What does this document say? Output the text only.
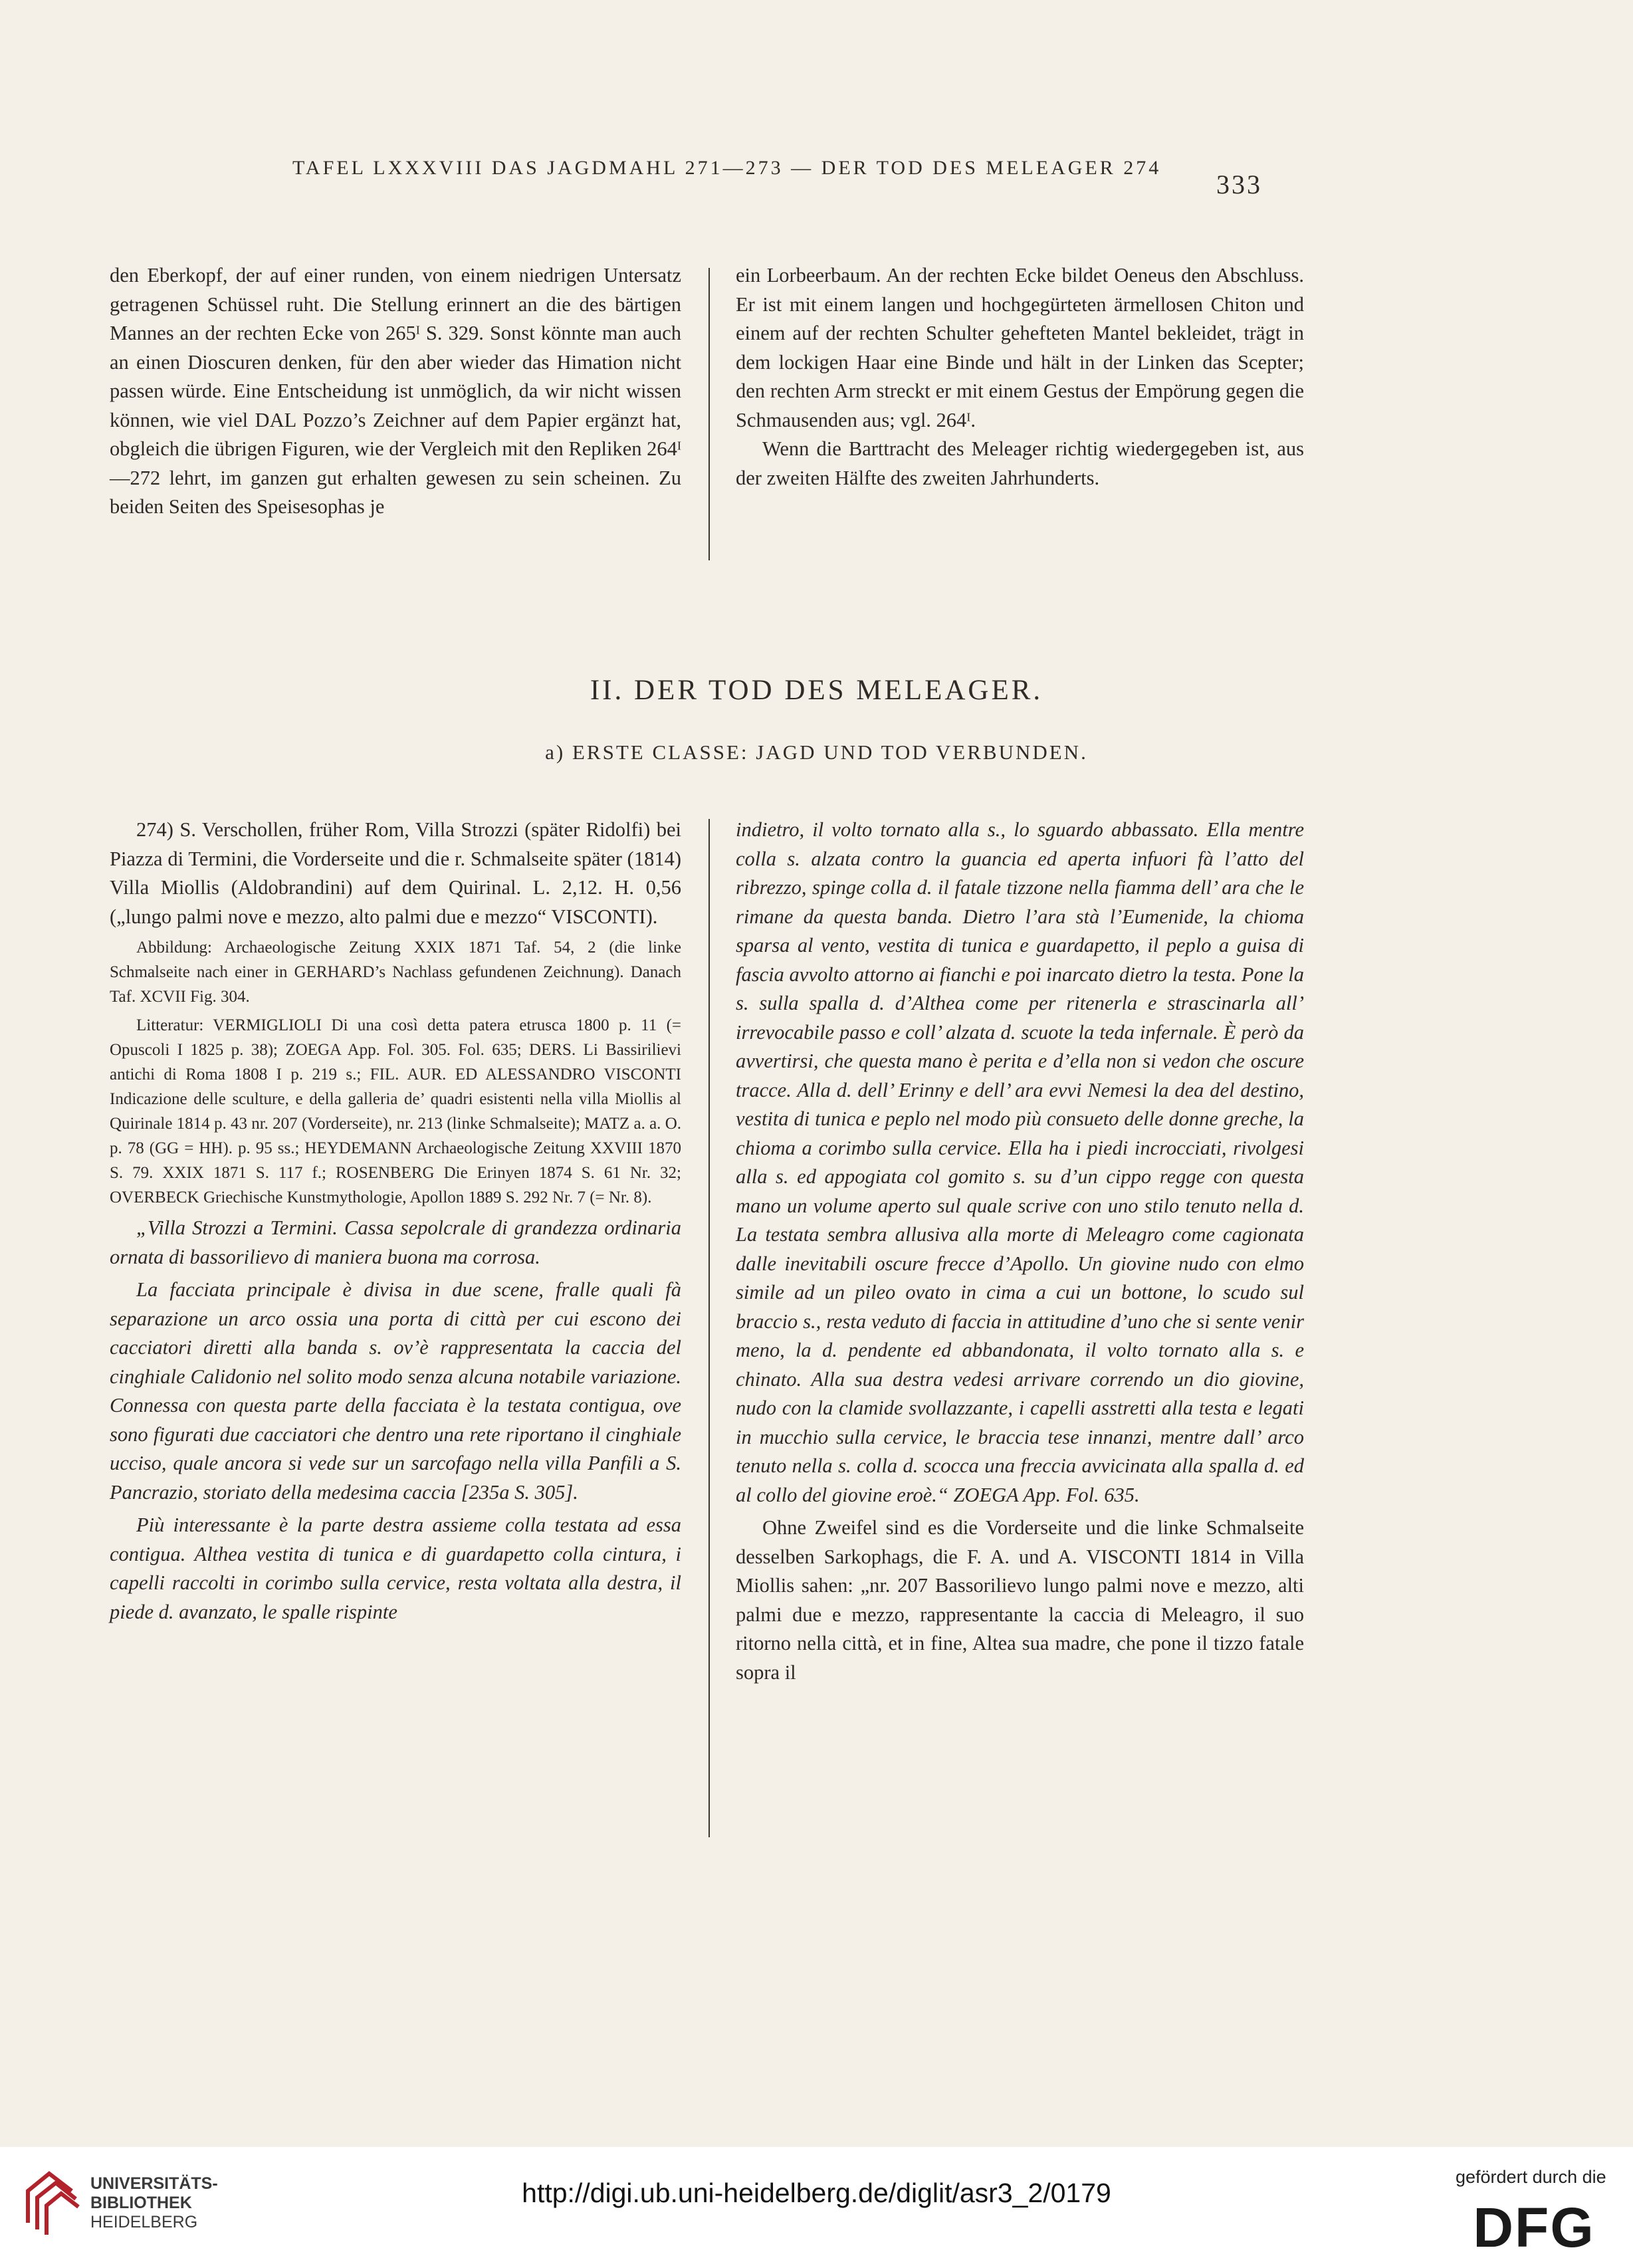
TAFEL LXXXVIII DAS JAGDMAHL 271—273 — DER TOD DES MELEAGER 274
333

den Eberkopf, der auf einer runden, von einem niedrigen Untersatz getragenen Schüssel ruht. Die Stellung erinnert an die des bärtigen Mannes an der rechten Ecke von 265ᴵ S. 329. Sonst könnte man auch an einen Dioscuren denken, für den aber wieder das Himation nicht passen würde. Eine Entscheidung ist unmöglich, da wir nicht wissen können, wie viel DAL Pozzo’s Zeichner auf dem Papier ergänzt hat, obgleich die übrigen Figuren, wie der Vergleich mit den Repliken 264ᴵ—272 lehrt, im ganzen gut erhalten gewesen zu sein scheinen. Zu beiden Seiten des Speisesophas je

ein Lorbeerbaum. An der rechten Ecke bildet Oeneus den Abschluss. Er ist mit einem langen und hochgegürteten ärmellosen Chiton und einem auf der rechten Schulter gehefteten Mantel bekleidet, trägt in dem lockigen Haar eine Binde und hält in der Linken das Scepter; den rechten Arm streckt er mit einem Gestus der Empörung gegen die Schmausenden aus; vgl. 264ᴵ.

Wenn die Barttracht des Meleager richtig wiedergegeben ist, aus der zweiten Hälfte des zweiten Jahrhunderts.

II. DER TOD DES MELEAGER.
a) ERSTE CLASSE: JAGD UND TOD VERBUNDEN.

274) S. Verschollen, früher Rom, Villa Strozzi (später Ridolfi) bei Piazza di Termini, die Vorderseite und die r. Schmalseite später (1814) Villa Miollis (Aldobrandini) auf dem Quirinal. L. 2,12. H. 0,56 („lungo palmi nove e mezzo, alto palmi due e mezzo“ VISCONTI).

Abbildung: Archaeologische Zeitung XXIX 1871 Taf. 54, 2 (die linke Schmalseite nach einer in GERHARD’s Nachlass gefundenen Zeichnung). Danach Taf. XCVII Fig. 304.

Litteratur: VERMIGLIOLI Di una così detta patera etrusca 1800 p. 11 (= Opuscoli I 1825 p. 38); ZOEGA App. Fol. 305. Fol. 635; DERS. Li Bassirilievi antichi di Roma 1808 I p. 219 s.; FIL. AUR. ED ALESSANDRO VISCONTI Indicazione delle sculture, e della galleria de’ quadri esistenti nella villa Miollis al Quirinale 1814 p. 43 nr. 207 (Vorderseite), nr. 213 (linke Schmalseite); MATZ a. a. O. p. 78 (GG = HH). p. 95 ss.; HEYDEMANN Archaeologische Zeitung XXVIII 1870 S. 79. XXIX 1871 S. 117 f.; ROSENBERG Die Erinyen 1874 S. 61 Nr. 32; OVERBECK Griechische Kunstmythologie, Apollon 1889 S. 292 Nr. 7 (= Nr. 8).

„Villa Strozzi a Termini. Cassa sepolcrale di grandezza ordinaria ornata di bassorilievo di maniera buona ma corrosa.

La facciata principale è divisa in due scene, fralle quali fà separazione un arco ossia una porta di città per cui escono dei cacciatori diretti alla banda s. ov’è rappresentata la caccia del cinghiale Calidonio nel solito modo senza alcuna notabile variazione. Connessa con questa parte della facciata è la testata contigua, ove sono figurati due cacciatori che dentro una rete riportano il cinghiale ucciso, quale ancora si vede sur un sarcofago nella villa Panfili a S. Pancrazio, storiato della medesima caccia [235a S. 305].

Più interessante è la parte destra assieme colla testata ad essa contigua. Althea vestita di tunica e di guardapetto colla cintura, i capelli raccolti in corimbo sulla cervice, resta voltata alla destra, il piede d. avanzato, le spalle rispinte

indietro, il volto tornato alla s., lo sguardo abbassato. Ella mentre colla s. alzata contro la guancia ed aperta infuori fà l’atto del ribrezzo, spinge colla d. il fatale tizzone nella fiamma dell’ ara che le rimane da questa banda. Dietro l’ara stà l’Eumenide, la chioma sparsa al vento, vestita di tunica e guardapetto, il peplo a guisa di fascia avvolto attorno ai fianchi e poi inarcato dietro la testa. Pone la s. sulla spalla d. d’Althea come per ritenerla e strascinarla all’ irrevocabile passo e coll’ alzata d. scuote la teda infernale. È però da avvertirsi, che questa mano è perita e d’ella non si vedon che oscure tracce. Alla d. dell’ Erinny e dell’ ara evvi Nemesi la dea del destino, vestita di tunica e peplo nel modo più consueto delle donne greche, la chioma a corimbo sulla cervice. Ella ha i piedi incrocciati, rivolgesi alla s. ed appogiata col gomito s. su d’un cippo regge con questa mano un volume aperto sul quale scrive con uno stilo tenuto nella d. La testata sembra allusiva alla morte di Meleagro come cagionata dalle inevitabili oscure frecce d’Apollo. Un giovine nudo con elmo simile ad un pileo ovato in cima a cui un bottone, lo scudo sul braccio s., resta veduto di faccia in attitudine d’uno che si sente venir meno, la d. pendente ed abbandonata, il volto tornato alla s. e chinato. Alla sua destra vedesi arrivare correndo un dio giovine, nudo con la clamide svollazzante, i capelli asstretti alla testa e legati in mucchio sulla cervice, le braccia tese innanzi, mentre dall’ arco tenuto nella s. colla d. scocca una freccia avvicinata alla spalla d. ed al collo del giovine eroè.“ ZOEGA App. Fol. 635.

Ohne Zweifel sind es die Vorderseite und die linke Schmalseite desselben Sarkophags, die F. A. und A. VISCONTI 1814 in Villa Miollis sahen: „nr. 207 Bassorilievo lungo palmi nove e mezzo, alti palmi due e mezzo, rappresentante la caccia di Meleagro, il suo ritorno nella città, et in fine, Altea sua madre, che pone il tizzo fatale sopra il

UNIVERSITÄTS-
BIBLIOTHEK
HEIDELBERG
http://digi.ub.uni-heidelberg.de/diglit/asr3_2/0179
gefördert durch die
DFG
